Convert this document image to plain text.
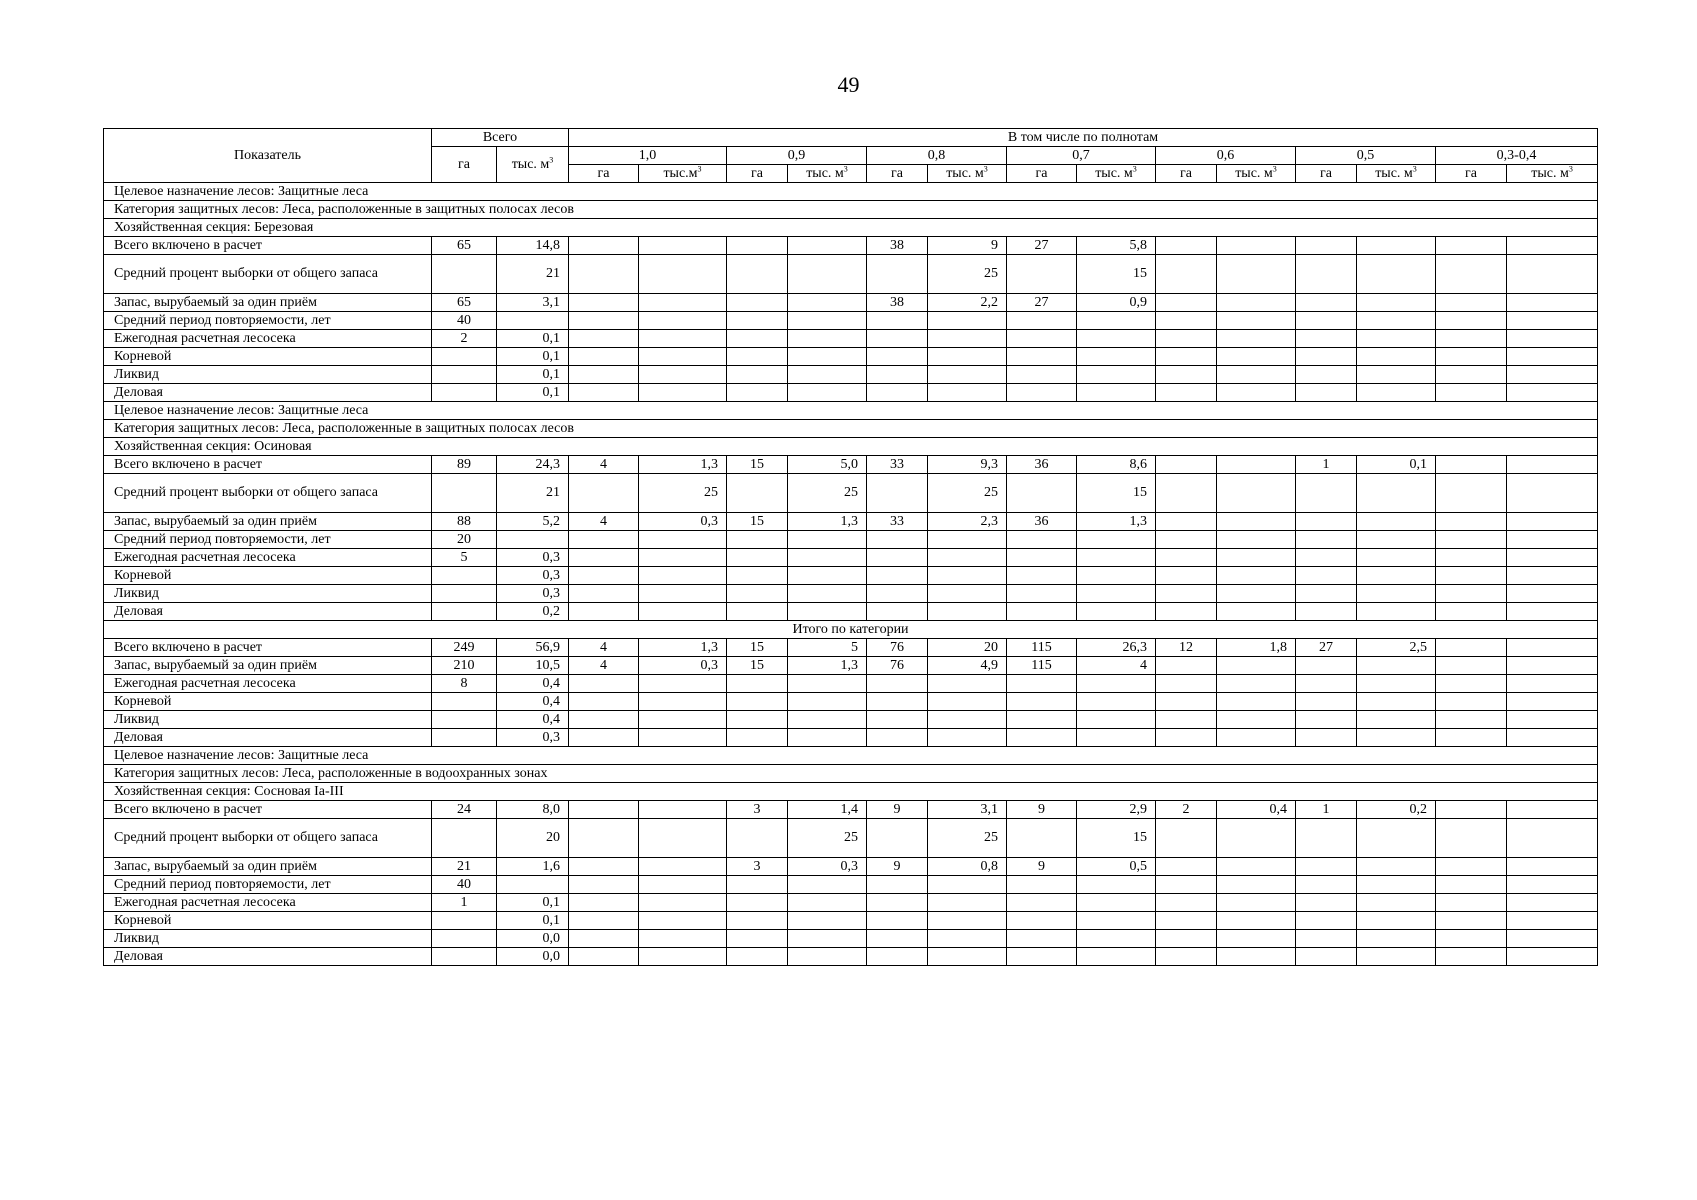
49
Показатель	Всего		В том числе по полнотам													
	га	тыс. $м^3$	1,0		0,9		0,8		0,7		0,6		0,5		0,3-0,4	
			га	$тыс.м^3$	га	тыс. $м^3$	га	тыс. $м^3$	га	тыс. $м^3$	га	тыс. $м^3$	га	тыс. $м^3$	га	тыс. $м^3$
Целевое назначение лесов: Защитные леса																
Категория защитных лесов: Леса, расположенные в защитных полосах лесов																
Хозяйственная секция: Березовая																
Всего включено в расчет	65	14,8					38	9	27	5,8						
Средний процент выборки от общего запаса		21						25		15						
Запас, вырубаемый за один приём	65	3,1					38	2,2	27	0,9						
Средний период повторяемости, лет	40															
Ежегодная расчетная лесосека	2	0,1														
Корневой		0,1														
Ликвид		0,1														
Деловая		0,1														
Целевое назначение лесов: Защитные леса																
Категория защитных лесов: Леса, расположенные в защитных полосах лесов																
Хозяйственная секция: Осиновая																
Всего включено в расчет	89	24,3	4	1,3	15	5,0	33	9,3	36	8,6			1	0,1		
Средний процент выборки от общего запаса		21		25		25		25		15						
Запас, вырубаемый за один приём	88	5,2	4	0,3	15	1,3	33	2,3	36	1,3						
Средний период повторяемости, лет	20															
Ежегодная расчетная лесосека	5	0,3														
Корневой		0,3														
Ликвид		0,3														
Деловая		0,2														
Итого по категории																
Всего включено в расчет	249	56,9	4	1,3	15	5	76	20	115	26,3	12	1,8	27	2,5		
Запас, вырубаемый за один приём	210	10,5	4	0,3	15	1,3	76	4,9	115	4						
Ежегодная расчетная лесосека	8	0,4														
Корневой		0,4														
Ликвид		0,4														
Деловая		0,3														
Целевое назначение лесов: Защитные леса																
Категория защитных лесов: Леса, расположенные в водоохранных зонах																
Хозяйственная секция: Сосновая Iа-III																
Всего включено в расчет	24	8,0			3	1,4	9	3,1	9	2,9	2	0,4	1	0,2		
Средний процент выборки от общего запаса		20				25		25		15						
Запас, вырубаемый за один приём	21	1,6			3	0,3	9	0,8	9	0,5						
Средний период повторяемости, лет	40															
Ежегодная расчетная лесосека	1	0,1														
Корневой		0,1														
Ликвид		0,0														
Деловая		0,0														
